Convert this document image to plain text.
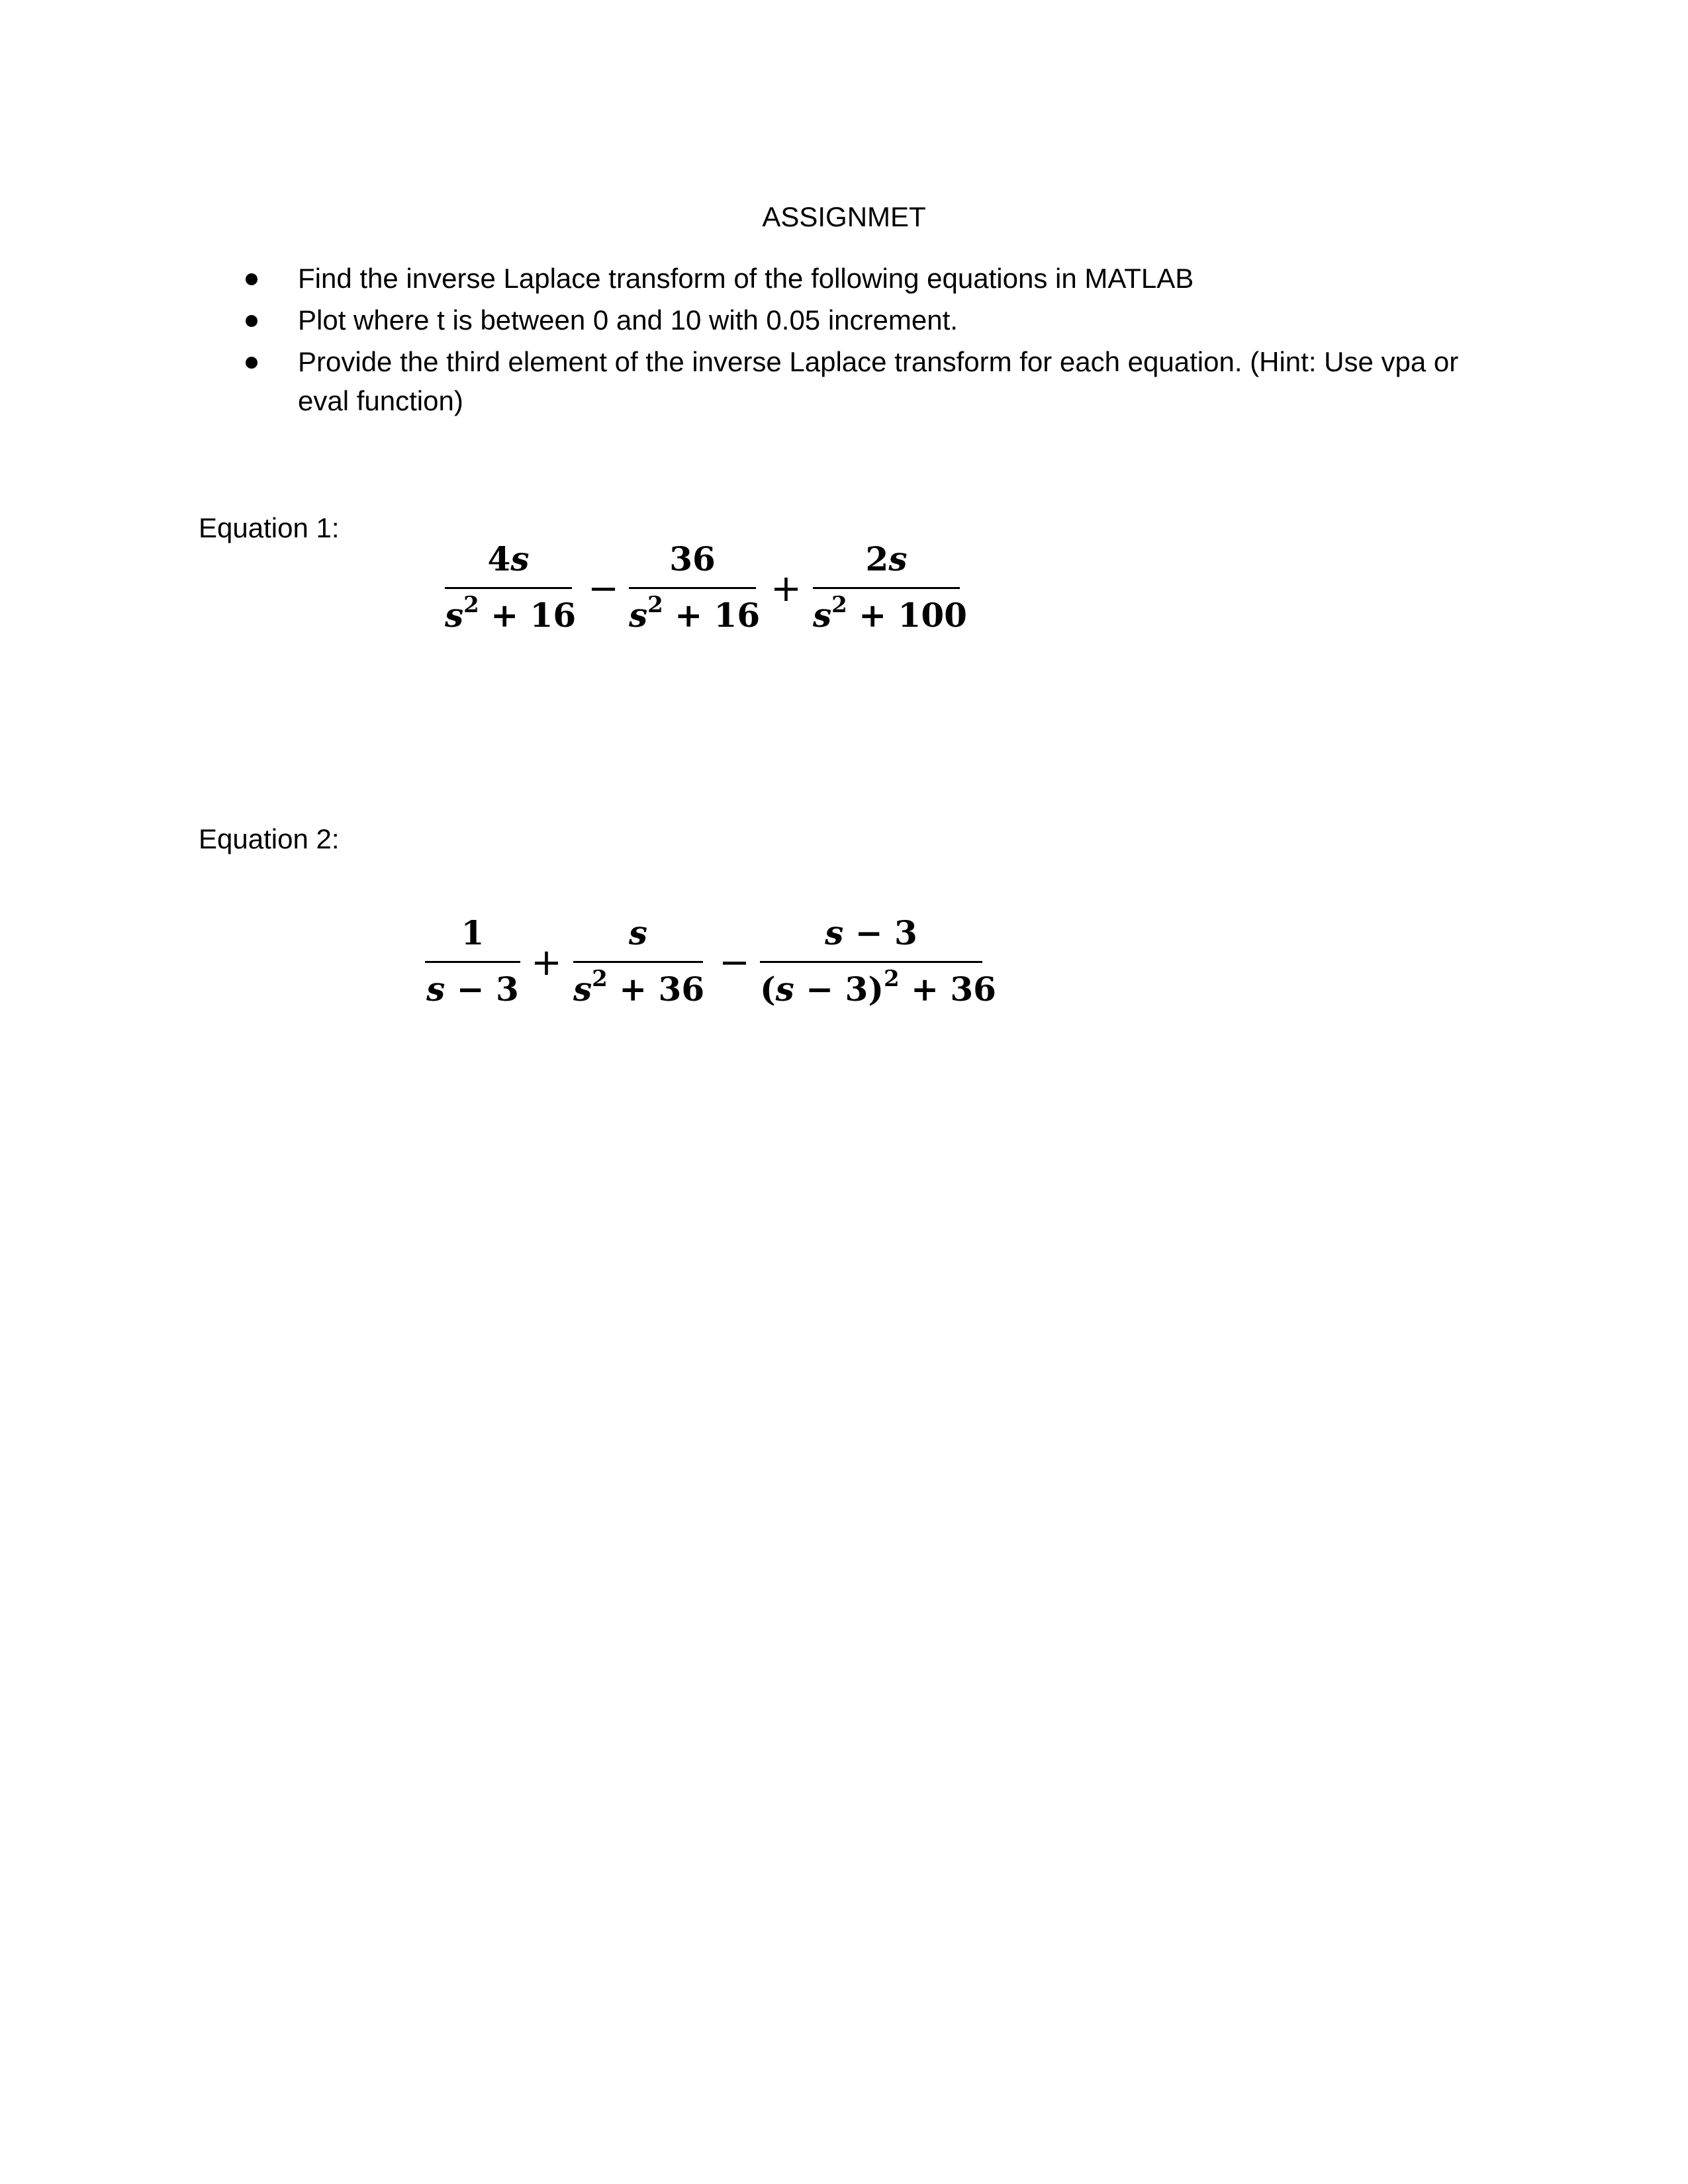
ASSIGNMET
Find the inverse Laplace transform of the following equations in MATLAB
Plot where t is between 0 and 10 with 0.05 increment.
Provide the third element of the inverse Laplace transform for each equation. (Hint: Use vpa or eval function)
Equation 1:
4s
$s^2 + 16$
−
36
$s^2 + 16$
+
2s
$s^2 + 100$
Equation 2:
1
s − 3
+
s
$s^2 + 36$
−
s − 3
$(s - 3)^2 + 36$
